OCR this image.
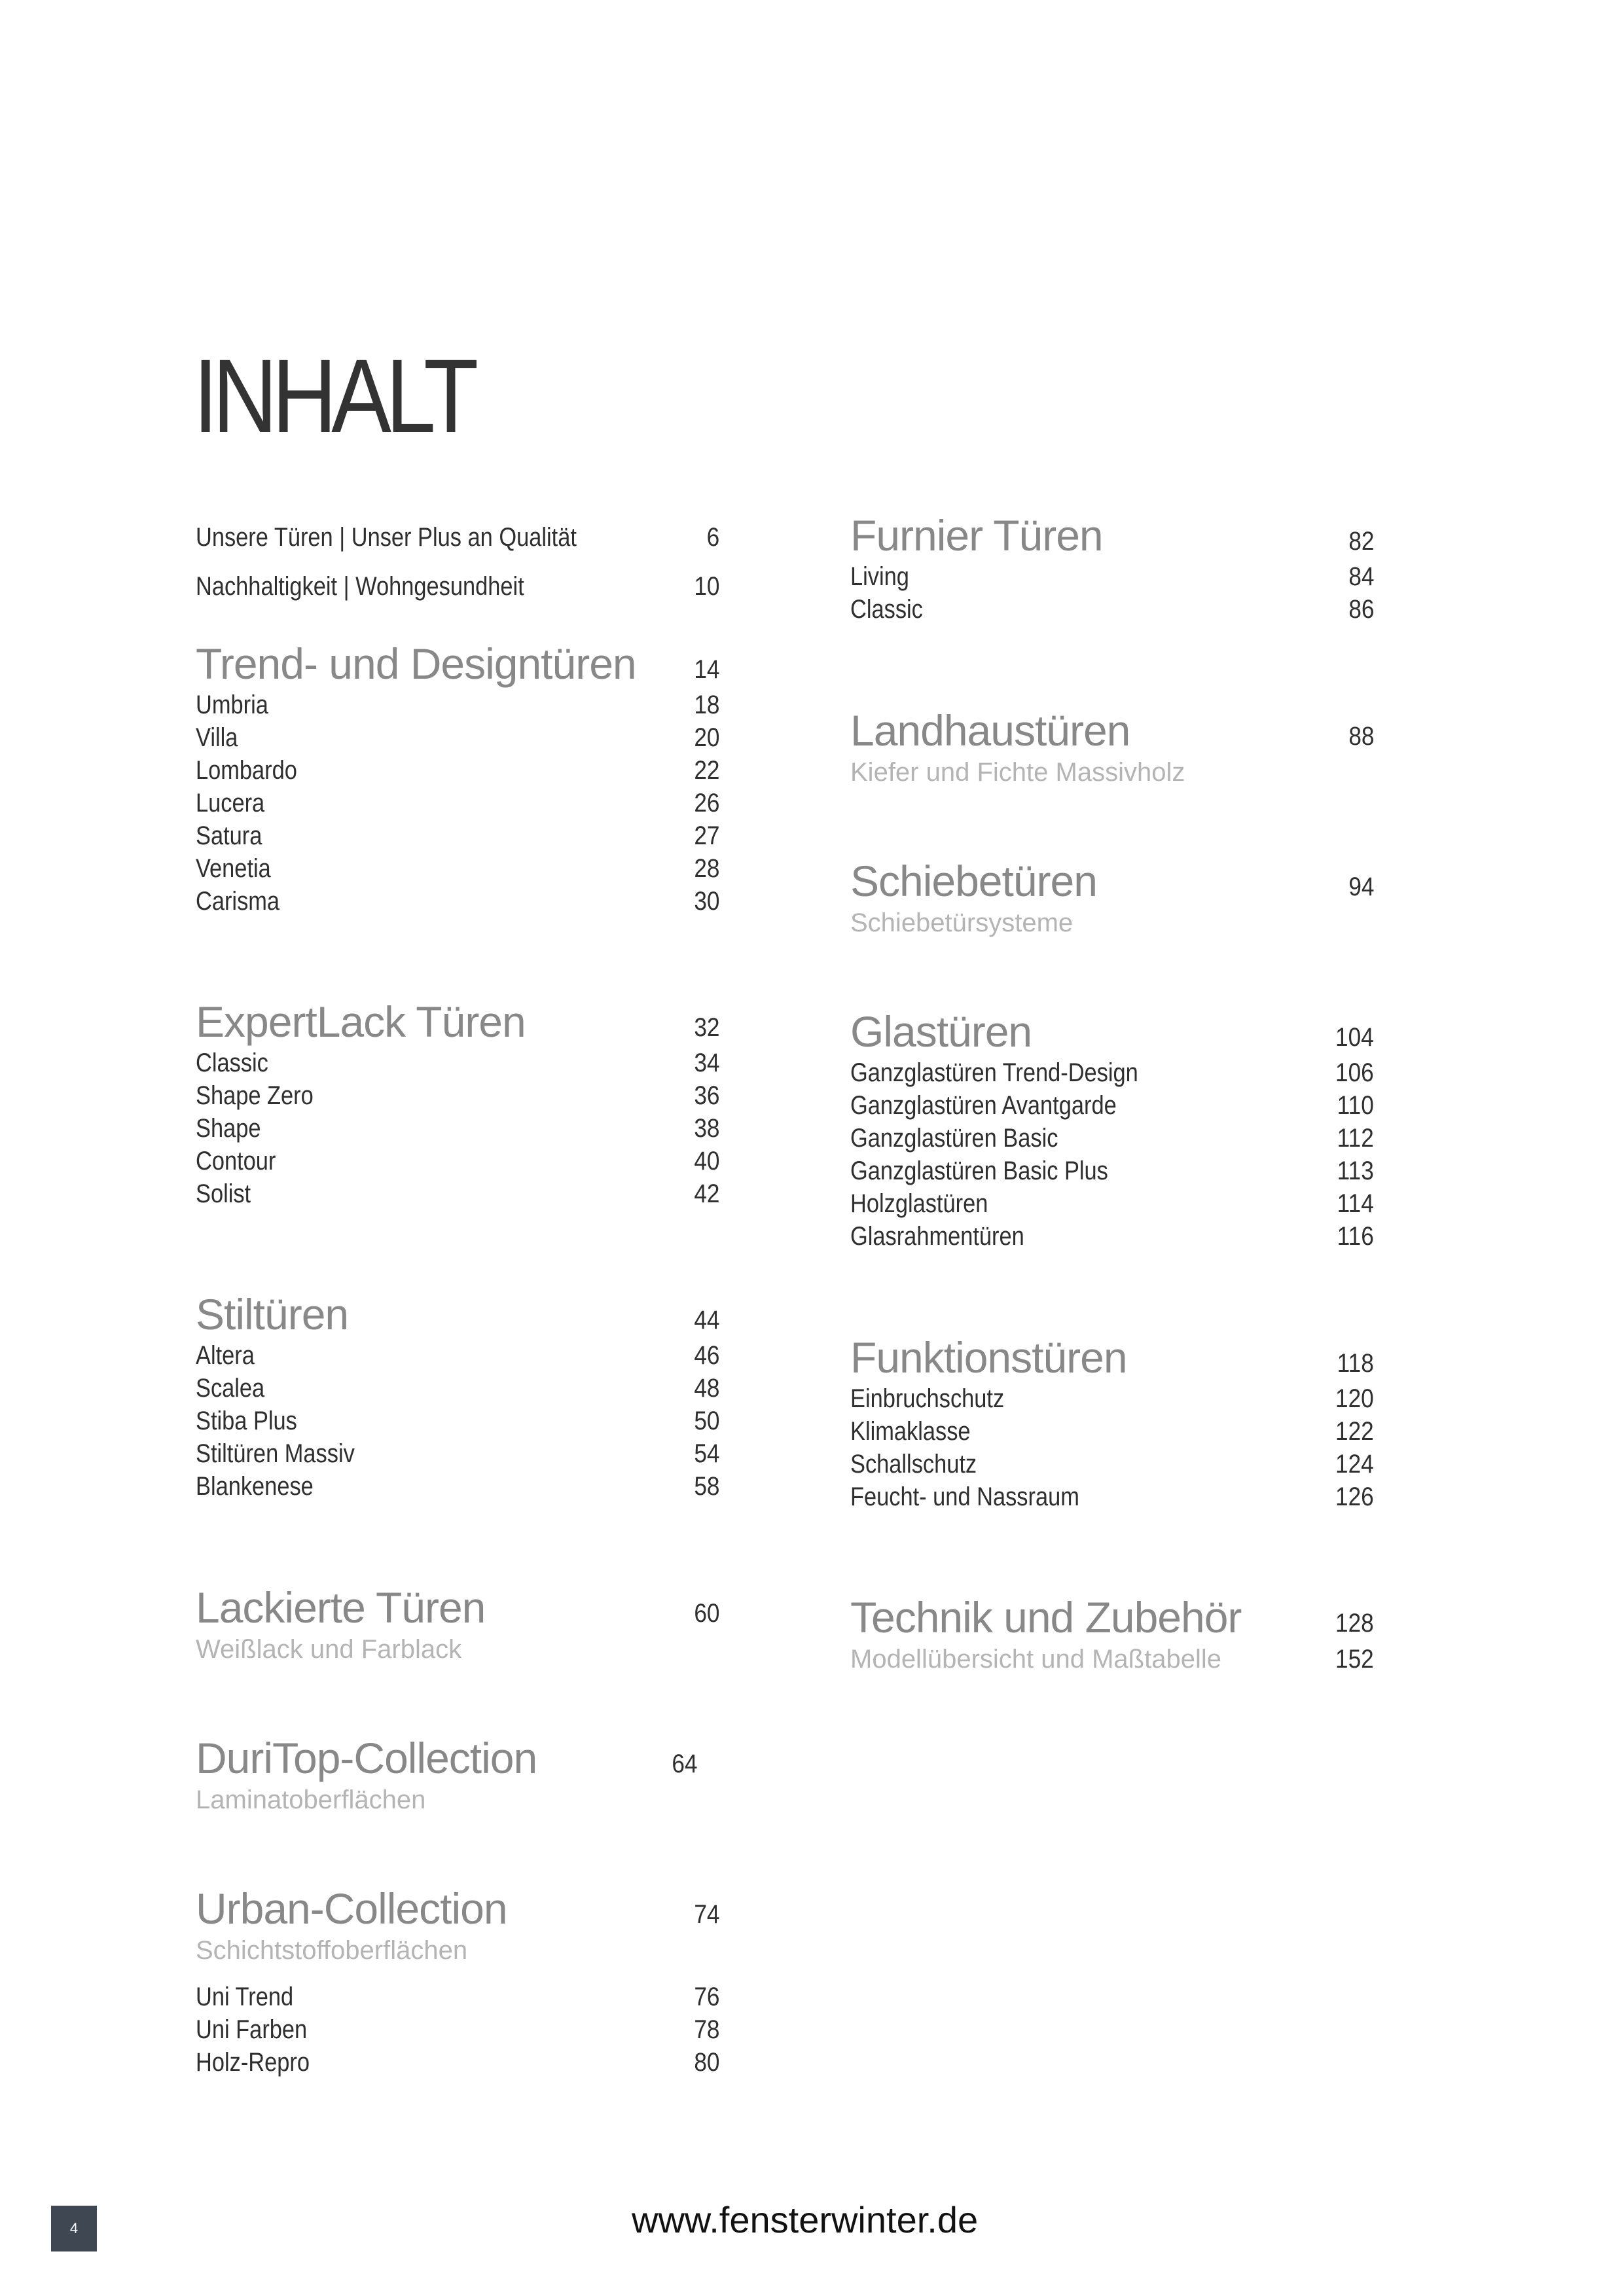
INHALT
Unsere Türen | Unser Plus an Qualität	6
Nachhaltigkeit | Wohngesundheit	10
Trend- und Designtüren 14
Umbria	18
Villa	20
Lombardo	22
Lucera	26
Satura	27
Venetia	28
Carisma	30
ExpertLack Türen	32
Classic	34
Shape Zero	36
Shape	38
Contour	40
Solist	42
Stiltüren	44
Altera	46
Scalea	48
Stiba Plus	50
Stiltüren Massiv	54
Blankenese	58
Lackierte Türen	60
Weißlack und Farblack
DuriTop-Collection	64
Laminatoberflächen
Urban-Collection	74
Schichtstoffoberflächen
Uni Trend	76
Uni Farben	78
Holz-Repro	80
Furnier Türen	82
Living	84
Classic	86
Landhaustüren	88
Kiefer und Fichte Massivholz
Schiebetüren	94
Schiebetürsysteme
Glastüren	104
Ganzglastüren Trend-Design	106
Ganzglastüren Avantgarde	110
Ganzglastüren Basic	112
Ganzglastüren Basic Plus	113
Holzglastüren	114
Glasrahmentüren	116
Funktionstüren	118
Einbruchschutz	120
Klimaklasse	122
Schallschutz	124
Feucht- und Nassraum	126
Technik und Zubehör	128
Modellübersicht und Maßtabelle	152
4	www.fensterwinter.de
